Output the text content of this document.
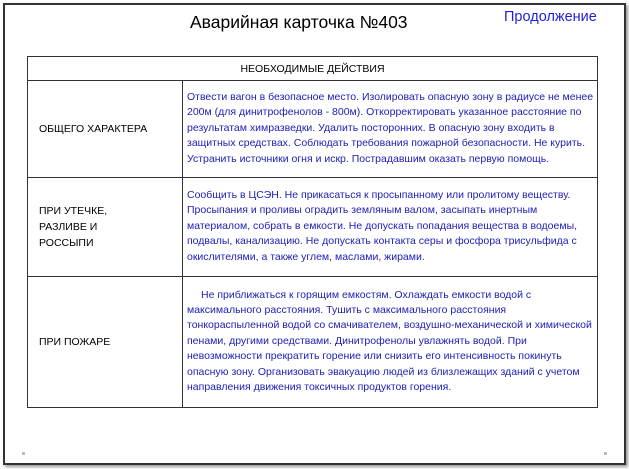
Аварийная карточка №403	Продолжение
НЕОБХОДИМЫЕ ДЕЙСТВИЯ	
ОБЩЕГО ХАРАКТЕРА	Отвести вагон в безопасное место. Изолировать опасную зону в радиусе не менее 200м (для динитрофенолов - 800м). Откорректировать указанное расстояние по результатам химразведки. Удалить посторонних. В опасную зону входить в защитных средствах. Соблюдать требования пожарной безопасности. Не курить. Устранить источники огня и искр. Пострадавшим оказать первую помощь.

ПРИ УТЕЧКЕ, РАЗЛИВЕ И РОССЫПИ	Сообщить в ЦСЭН. Не прикасаться к просыпанному или пролитому веществу. Просыпания и проливы оградить земляным валом, засыпать инертным материалом, собрать в емкости. Не допускать попадания вещества в водоемы, подвалы, канализацию. Не допускать контакта серы и фосфора трисульфида с окислителями, а также углем, маслами, жирами.
ПРИ ПОЖАРЕ	Не приближаться к горящим емкостям. Охлаждать емкости водой с максимального расстояния. Тушить с максимального расстояния тонкораспыленной водой со смачивателем, воздушно-механической и химической пенами, другими средствами. Динитрофенолы увлажнять водой. При невозможности прекратить горение или снизить его интенсивность покинуть опасную зону. Организовать эвакуацию людей из близлежащих зданий с учетом направления движения токсичных продуктов горения.
